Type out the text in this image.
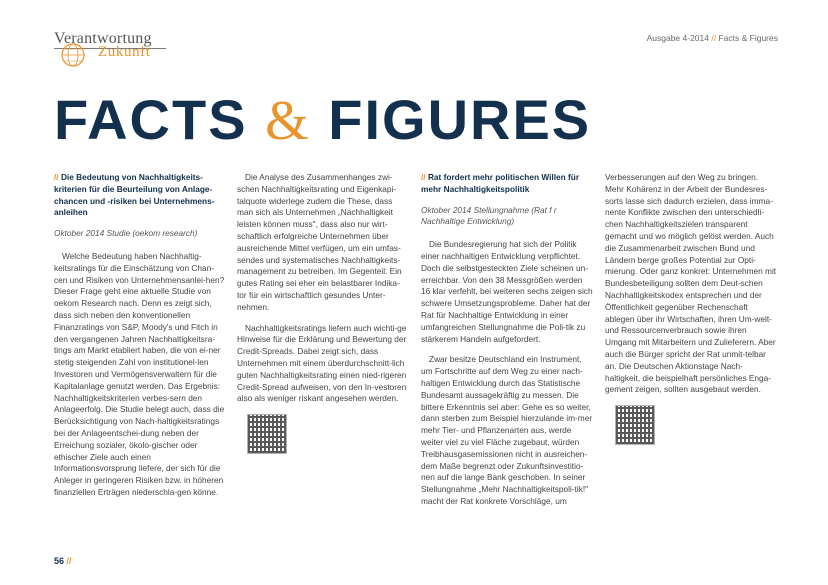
Verantwortung
Zukunft
Ausgabe 4-2014 // Facts & Figures
FACTS & FIGURES

// Die Bedeutung von Nachhaltigkeits-kriterien für die Beurteilung von Anlage-chancen und -risiken bei Unternehmens-anleihen

Oktober 2014 Studie (oekom research)

Welche Bedeutung haben Nachhaltig-keitsratings für die Einschätzung von Chan-cen und Risiken von Unternehmensanlei-hen? Dieser Frage geht eine aktuelle Studie von oekom Research nach. Denn es zeigt sich, dass sich neben den konventionellen Finanzratings von S&P, Moody's und Fitch in den vergangenen Jahren Nachhaltigkeitsra-tings am Markt etabliert haben, die von ei-ner stetig steigenden Zahl von institutionel-len Investoren und Vermögensverwaltern für die Kapitalanlage genutzt werden. Das Ergebnis: Nachhaltigkeitskriterien verbes-sern den Anlageerfolg. Die Studie belegt auch, dass die Berücksichtigung von Nach-haltigkeitsratings bei der Anlageentschei-dung neben der Erreichung sozialer, ökolo-gischer oder ethischer Ziele auch einen Informationsvorsprung liefere, der sich für die Anleger in geringeren Risiken bzw. in höheren finanziellen Erträgen niederschla-gen könne.

Die Analyse des Zusammenhanges zwi-schen Nachhaltigkeitsrating und Eigenkapi-talquote widerlege zudem die These, dass man sich als Unternehmen „Nachhaltigkeit leisten können muss", dass also nur wirt-schaftlich erfolgreiche Unternehmen über ausreichende Mittel verfügen, um ein umfas-sendes und systematisches Nachhaltigkeits-management zu betreiben. Im Gegenteil: Ein gutes Rating sei eher ein belastbarer Indika-tor für ein wirtschaftlich gesundes Unter-nehmen.

Nachhaltigkeitsratings liefern auch wichti-ge Hinweise für die Erklärung und Bewertung der Credit-Spreads. Dabei zeigt sich, dass Unternehmen mit einem überdurchschnitt-lich guten Nachhaltigkeitsrating einen nied-rigeren Credit-Spread aufweisen, von den In-vestoren also als weniger riskant angesehen werden.

// Rat fordert mehr politischen Willen für mehr Nachhaltigkeitspolitik

Oktober 2014 Stellungnahme (Rat f r Nachhaltige Entwicklung)

Die Bundesregierung hat sich der Politik einer nachhaltigen Entwicklung verpflichtet. Doch die selbstgesteckten Ziele scheinen un-erreichbar. Von den 38 Messgrößen werden 16 klar verfehlt, bei weiteren sechs zeigen sich schwere Umsetzungsprobleme. Daher hat der Rat für Nachhaltige Entwicklung in einer umfangreichen Stellungnahme die Poli-tik zu stärkerem Handeln aufgefordert.

Zwar besitze Deutschland ein Instrument, um Fortschritte auf dem Weg zu einer nach-haltigen Entwicklung durch das Statistische Bundesamt aussagekräftig zu messen. Die bittere Erkenntnis sei aber: Gehe es so weiter, dann sterben zum Beispiel hierzulande im-mer mehr Tier- und Pflanzenarten aus, werde weiter viel zu viel Fläche zugebaut, würden Treibhausgasemissionen nicht in ausreichen-dem Maße begrenzt oder Zukunftsinvestitio-nen auf die lange Bank geschoben. In seiner Stellungnahme „Mehr Nachhaltigkeitspoli-tik!" macht der Rat konkrete Vorschläge, um

Verbesserungen auf den Weg zu bringen. Mehr Kohärenz in der Arbeit der Bundesres-sorts lasse sich dadurch erzielen, dass imma-nente Konflikte zwischen den unterschiedli-chen Nachhaltigkeitszielen transparent gemacht und wo möglich gelöst werden. Auch die Zusammenarbeit zwischen Bund und Ländern berge großes Potential zur Opti-mierung. Oder ganz konkret: Unternehmen mit Bundesbeteiligung sollten dem Deut-schen Nachhaltigkeitskodex entsprechen und der Öffentlichkeit gegenüber Rechenschaft ablegen über ihr Wirtschaften, ihren Um-welt- und Ressourcenverbrauch sowie ihren Umgang mit Mitarbeitern und Zulieferern. Aber auch die Bürger spricht der Rat unmit-telbar an. Die Deutschen Aktionstage Nach-haltigkeit, die beispielhaft persönliches Enga-gement zeigen, sollten ausgebaut werden.

56 //
